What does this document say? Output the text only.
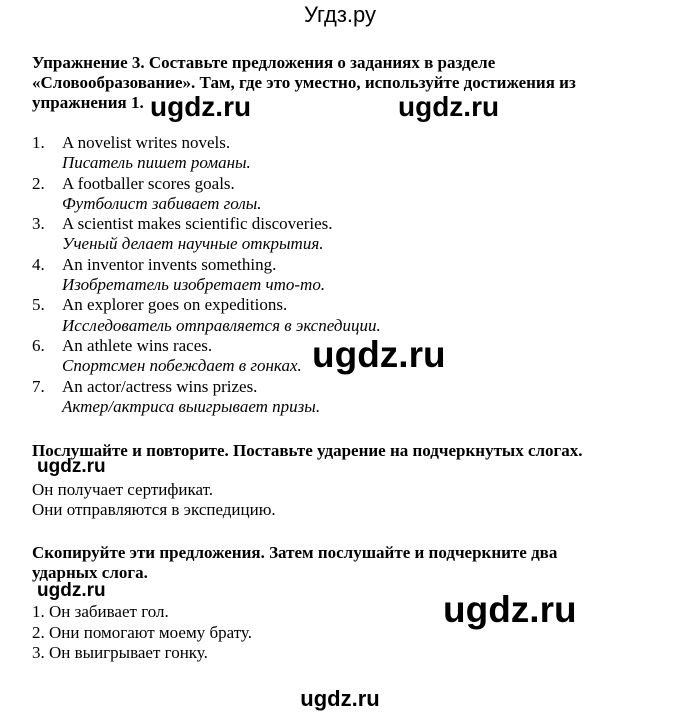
Угдз.ру
Упражнение 3. Составьте предложения о заданиях в разделе
«Словообразование». Там, где это уместно, используйте достижения из
упражнения 1.
1. A novelist writes novels.
Писатель пишет романы.
2. A footballer scores goals.
Футболист забивает голы.
3. A scientist makes scientific discoveries.
Ученый делает научные открытия.
4. An inventor invents something.
Изобретатель изобретает что-то.
5. An explorer goes on expeditions.
Исследователь отправляется в экспедиции.
6. An athlete wins races.
Спортсмен побеждает в гонках.
7. An actor/actress wins prizes.
Актер/актриса выигрывает призы.
Послушайте и повторите. Поставьте ударение на подчеркнутых слогах.
Он получает сертификат.
Они отправляются в экспедицию.
Скопируйте эти предложения. Затем послушайте и подчеркните два
ударных слога.
1. Он забивает гол.
2. Они помогают моему брату.
3. Он выигрывает гонку.
ugdz.ru	ugdz.ru
ugdz.ru
ugdz.ru
ugdz.ru	ugdz.ru
ugdz.ru
